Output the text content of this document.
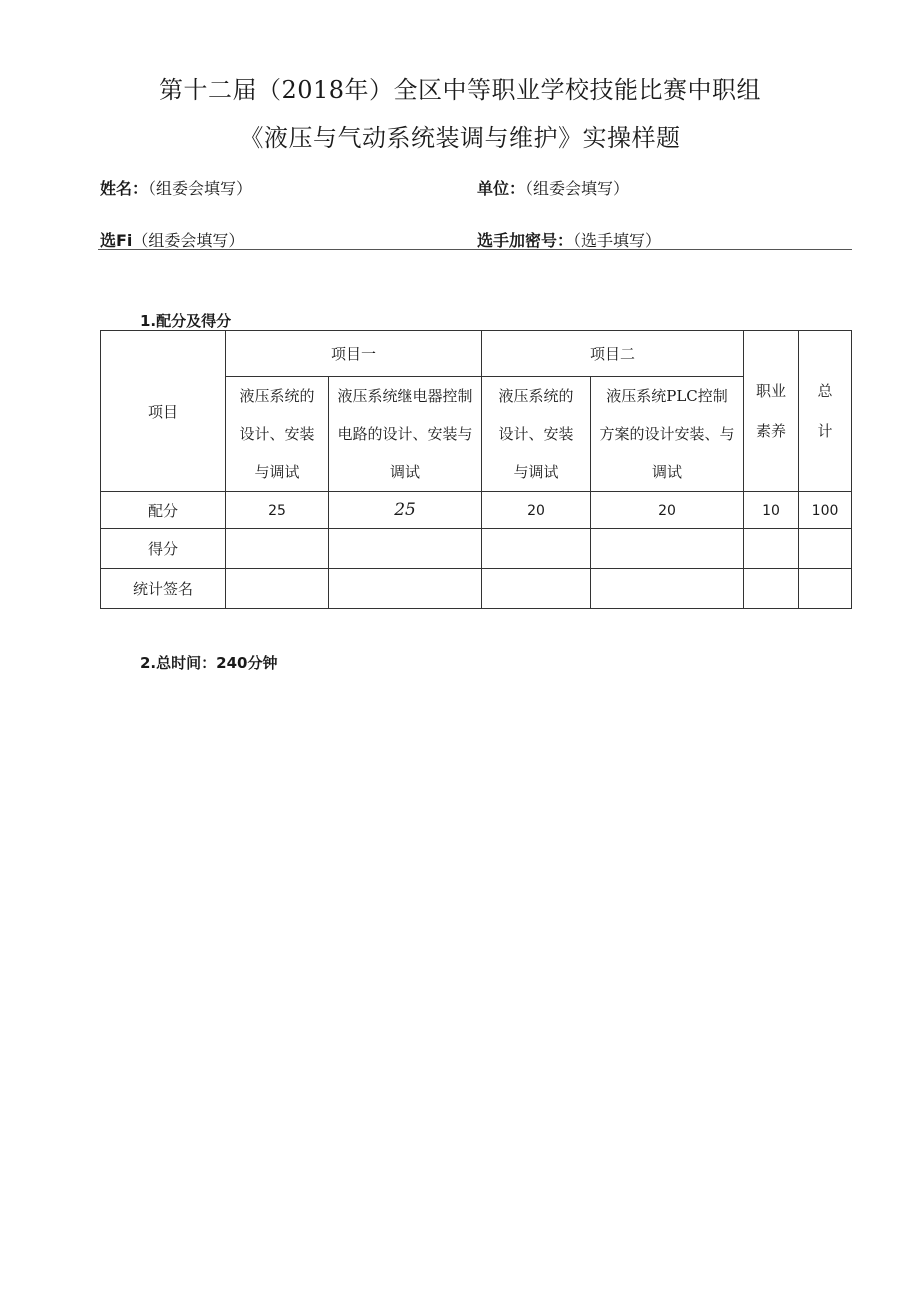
第十二届（2018年）全区中等职业学校技能比赛中职组
《液压与气动系统装调与维护》实操样题
姓名：（组委会填写）	单位：（组委会填写）
选Fi（组委会填写）	选手加密号：（选手填写）
1.配分及得分
项目	项目一		项目二		职业素养	总计
	液压系统的设计、安装与调试	液压系统继电器控制电路的设计、安装与调试	液压系统的设计、安装与调试	液压系统PLC控制方案的设计安装、与调试		
配分	25	25	20	20	10	100
得分						
统计签名						
2.总时间：240分钟
